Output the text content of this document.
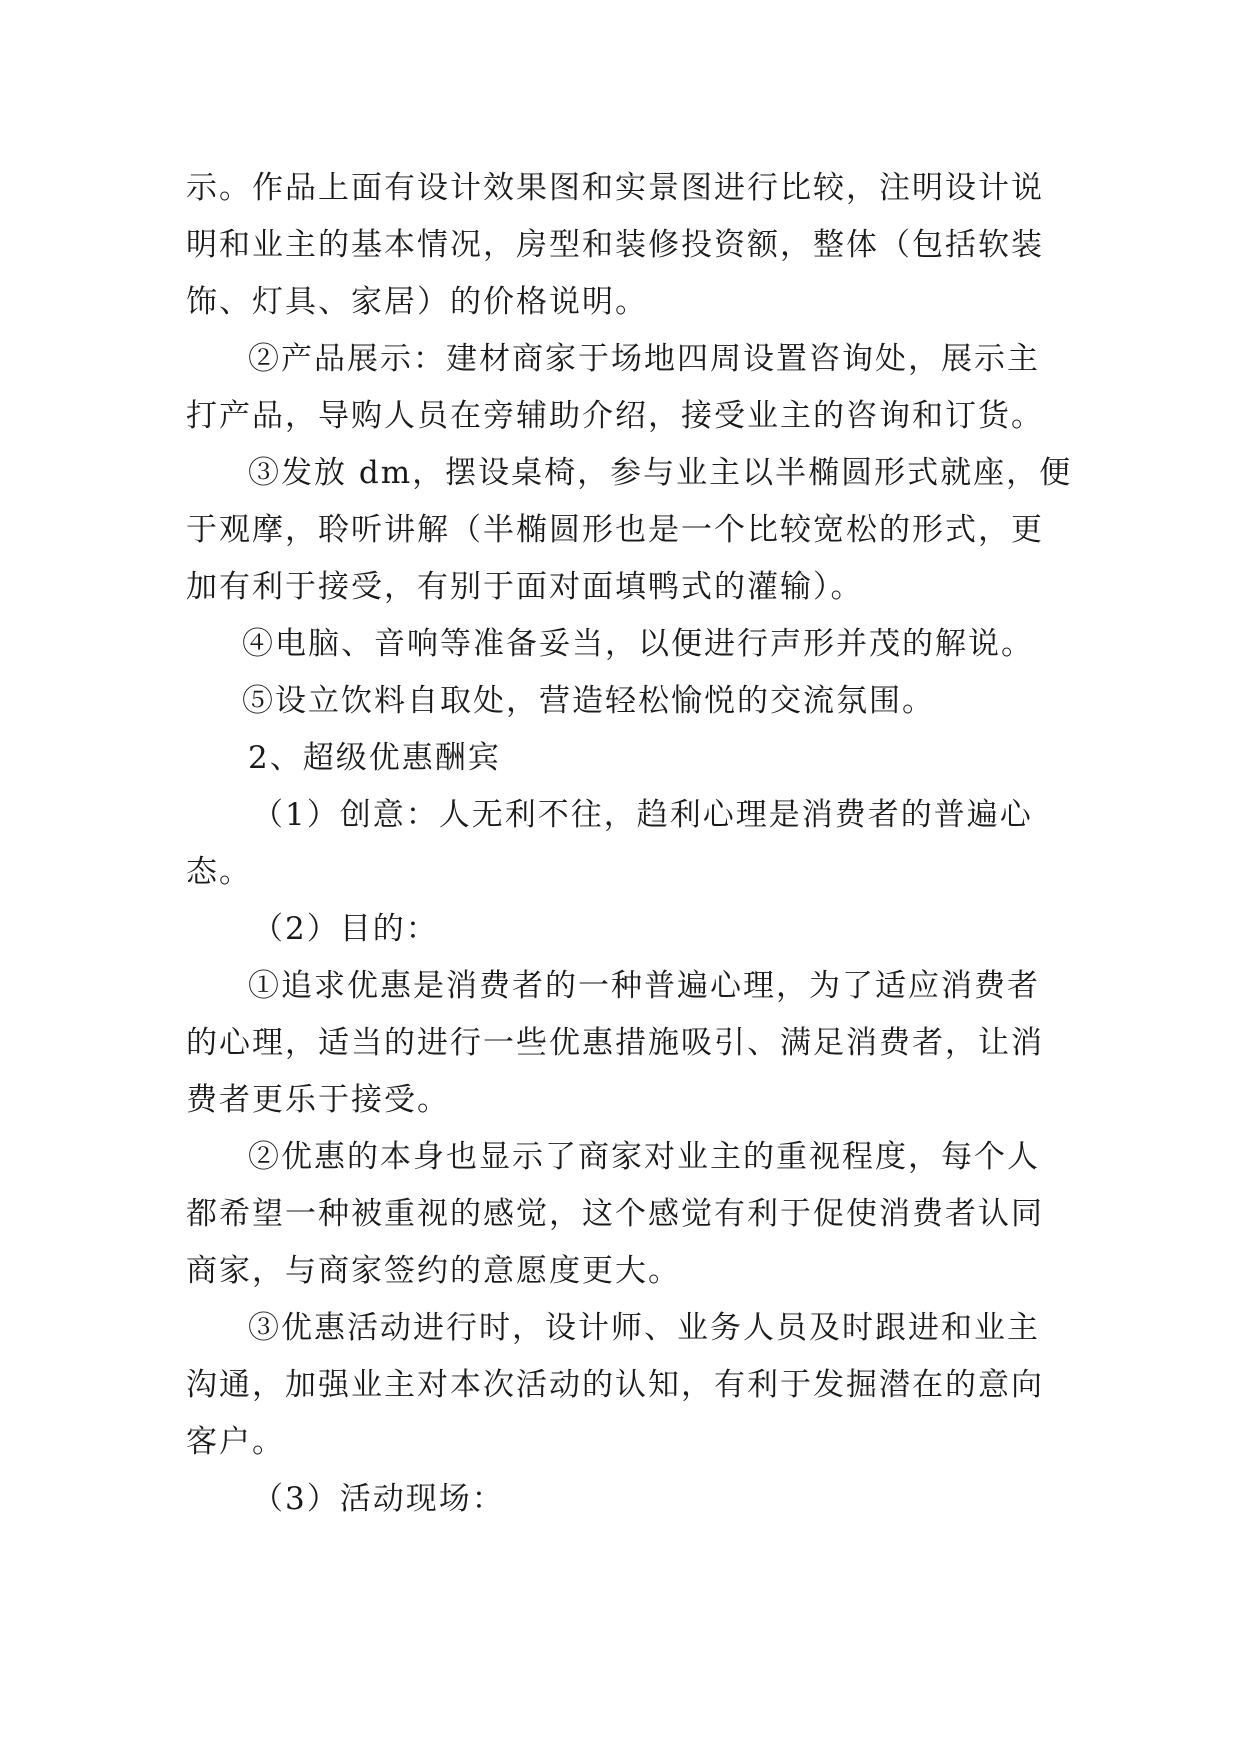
示。作品上面有设计效果图和实景图进行比较，注明设计说
明和业主的基本情况，房型和装修投资额，整体（包括软装
饰、灯具、家居）的价格说明。
②产品展示：建材商家于场地四周设置咨询处，展示主
打产品，导购人员在旁辅助介绍，接受业主的咨询和订货。
③发放 dm，摆设桌椅，参与业主以半椭圆形式就座，便
于观摩，聆听讲解（半椭圆形也是一个比较宽松的形式，更
加有利于接受，有别于面对面填鸭式的灌输）。
④电脑、音响等准备妥当，以便进行声形并茂的解说。
⑤设立饮料自取处，营造轻松愉悦的交流氛围。
2、超级优惠酬宾
（1）创意：人无利不往，趋利心理是消费者的普遍心
态。
（2）目的：
①追求优惠是消费者的一种普遍心理，为了适应消费者
的心理，适当的进行一些优惠措施吸引、满足消费者，让消
费者更乐于接受。
②优惠的本身也显示了商家对业主的重视程度，每个人
都希望一种被重视的感觉，这个感觉有利于促使消费者认同
商家，与商家签约的意愿度更大。
③优惠活动进行时，设计师、业务人员及时跟进和业主
沟通，加强业主对本次活动的认知，有利于发掘潜在的意向
客户。
（3）活动现场：
